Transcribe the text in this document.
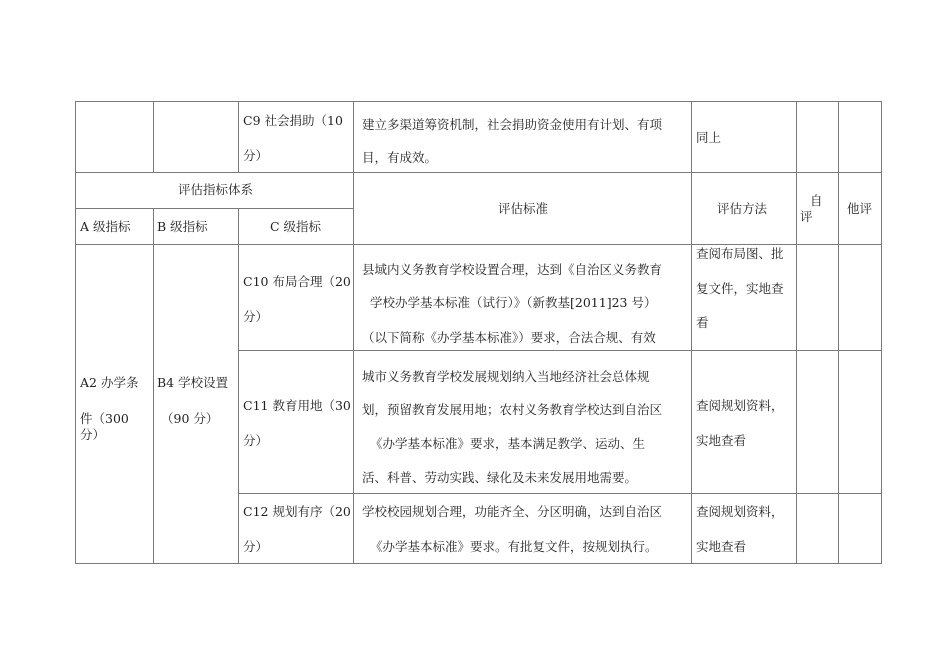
C9 社会捐助（10
分）
建立多渠道筹资机制，社会捐助资金使用有计划、有项
目，有成效。
同上
评估指标体系
A 级指标 B 级指标	C 级指标
评估标准	评估方法
自
评
他评
A2 办学条
件（300
分）
B4 学校设置
（90 分）
C10 布局合理（20
分）
县域内义务教育学校设置合理，达到《自治区义务教育
学校办学基本标准（试行）》（新教基[2011]23 号）
（以下简称《办学基本标准》）要求，合法合规、有效
查阅布局图、批
复文件，实地查
看
C11 教育用地（30
分）
城市义务教育学校发展规划纳入当地经济社会总体规
划，预留教育发展用地；农村义务教育学校达到自治区
《办学基本标准》要求，基本满足教学、运动、生
活、科普、劳动实践、绿化及未来发展用地需要。
查阅规划资料，
实地查看
C12 规划有序（20
分）
学校校园规划合理，功能齐全、分区明确，达到自治区
《办学基本标准》要求。有批复文件，按规划执行。
查阅规划资料，
实地查看
